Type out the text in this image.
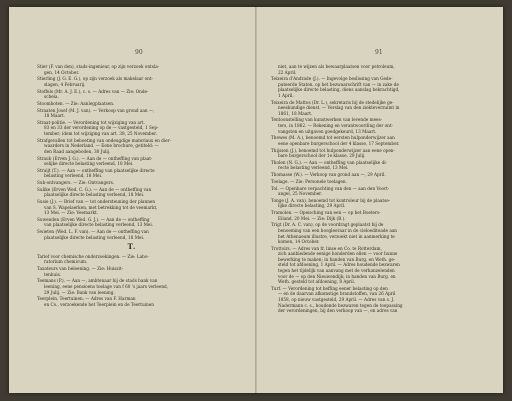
90

Stier (F. van den), stads-ingenieur, op zijn verzoek ontsla-

gen, 14 October.

Stierling (J. G. E. G.), op zijn verzoek als makelaar ont-

slagen, 4 Februarij.

Stoffels (Mr. A. J. E.), c. s. — Adres van — Zie: Onde-

scheia.

Stoomboten. — Zie: Aanlegplaatsen.

Straaten Josef (M. J. van). — Verkoop van grond aan —,

18 Maart.

Straat-politie. — Verordening tot wijziging van art.

83 en 33 der verordening op de — vastgesteld, 1 Sep-

tember; idem tot wijziging van art. 38, 25 November.

Strafgevallen tot beboeting van ondeugdige materiaux en dier-

waarders in Nederland. — Eene brochure, getiteld: —

den Raad aangeboden, 30 Julij.

Straub (Erven J. G.). — Aan de — ontheffing van plaat-

selijke directe belasting verleend, 18 Mei.

Struijt (T.). — Aan — ontheffing van plaatselijke directe

belasting verleend, 18 Mei.

Sub-ontvangers. — Zie: Ontvangers.

Sulike (Erven Wed. C. G.). — Aan de — ontheffing van

plaatselijke directe belasting verleend, 18 Mei.

Susie (J.). — Brief van — tot ondersteuning der plannen

van S. Wapelaerken, met betrekking tot de veemarkt,

13 Mei. — Zie: Veemarkt.

Suwenden (Erven Wed. G. J.). — Aan de — ontheffing

van plaatselijke directe belasting verleend, 13 Mei.

Swieten (Wed. L. F. van). — Aan de — ontheffing van

plaatselijke directe belasting verleend, 18 Mei.

T.

Tarief voor chemische onderzoekingen. — Zie: Labo-

ratorium chemicum.

Taxateurs van beleening. — Zie: Huiszit-

tenhuis.

Teemans (P.). — Aan —, ambtenaar bij de stads bank van

leening, eene pensioens toelage van f 60 's jaars verleend,

29 Julij. — Zie: Bank van leening.

Teerplein, Teertuinen. — Adres van F. Harman

en Co., verzoekende het Teerplein en de Teertuinen

91

niet, aan te wijzen als bewaarplaatsen voor petroleum,

22 April.

Teixeira d'Andrade (J.). — Ingevolge beslissing van Gede-

puteerde Staten, op het bezwaarschrift van — in zake de

plaatselijke directe belasting, diens aanslag bekrachtigd,

1 April.

Teixeira de Mattos (Dr. L.), sekretaris bij de stedelijke ge-

neeskundige dienst. — Verslag van den ziekteverzuimt in

1861, 18 Maart.

Tentoonstelling van kunstwerken van levende mees-

ters, in 1862. — Rekening en verantwoording der ont-

vangsten en uitgaven goedgekeurd, 13 Maart.

Thewes (M. A.), benoemd tot eersten hulponderwijzer aan

eene openbare burgerschool der 4 klasse, 17 September.

Thijssen (J.), benoemd tot hulponderwijzer aan eene open-

bare burgerschool der 1e klasse, 29 Julij.

Tholen (N. G.). — Aan — ontheffing van plaatselijke di-

recte belasting verleend, 13 Mei.

Thomasse (W.). — Verkoop van grond aan —, 29 April.

Toelage. — Zie: Personele toelagen.

Tol. — Openbare verpachting van den — aan den Voort-

angel, 25 November.

Tonge (J. A. van), benoemd tot kontroleur bij de plaatse-

lijke directe belasting, 29 April.

Tramolen. — Opeisching van een — op het Boeters-

Eiland, 20 Mei. — Zie: Dijk (B.).

Trigt (Dr. A. C. van), op de voordragt geplaatst bij de

benoeming van een hoogleeraar in de cieloediteade aan

het Athenaeum illustre, verzoekt niet in aanmerking te

komen, 14 October.

Trottoirs. — Adres van fr. linse en Co. te Rotterdam,

zich aanbiedende eenige honderden ellen — voor hunne

bewerking te maken; in handen van Burg. en Weth. ge-

steld tot afdoening, 1 April. — Adres houdende bezwaren

tegen het tijdelijk van aanvang met de verhanzelenden

voor de — op den Nieuwendijk; in handen van Burg. en

Weth. gesteld tot afdoening, 8 April.

Turf. — Verordening tot heffing eener belasting op den

— en de daarvan afkomstige brandstoffen, van 26 April

1858, op nieuw vastgesteld, 29 April. — Adres van s. J.

Nadermann c. s., houdende bezwaren tegen de toepassing

der verordeningen, bij den verkoop van —, en adres van
